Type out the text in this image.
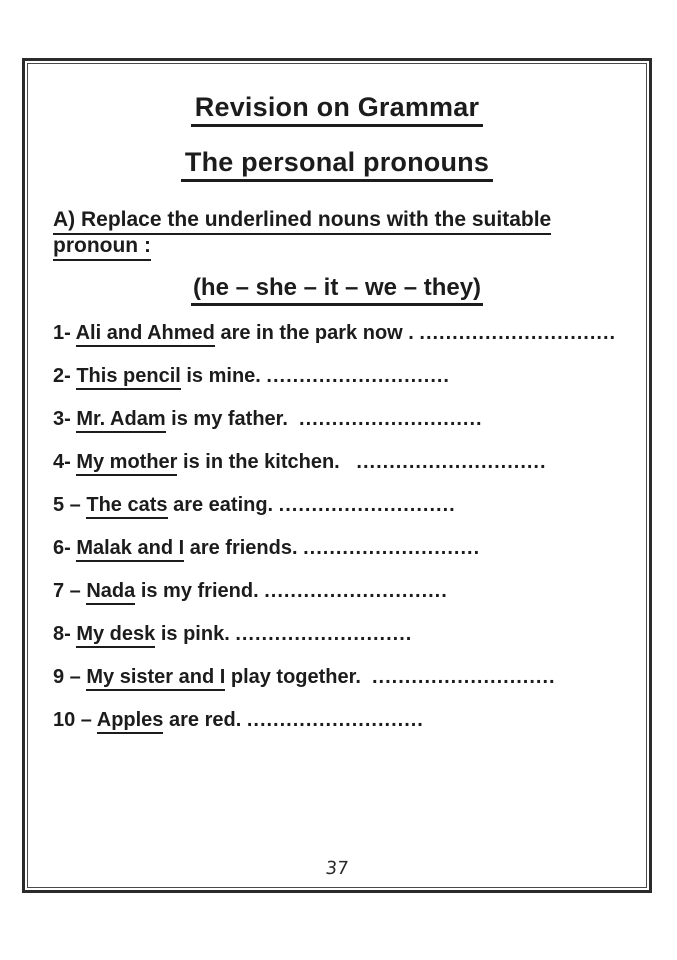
Revision on Grammar
The personal pronouns
A) Replace the underlined nouns with the suitable pronoun :
(he – she – it – we – they)
1- Ali and Ahmed are in the park now . ..............................
2- This pencil is mine. ............................
3- Mr. Adam is my father.  ............................
4- My mother is in the kitchen.   .............................
5 – The cats are eating. ...........................
6- Malak and I are friends. ...........................
7 – Nada is my friend. ............................
8- My desk is pink. ...........................
9 – My sister and I play together.  ............................
10 – Apples are red. ...........................
37
